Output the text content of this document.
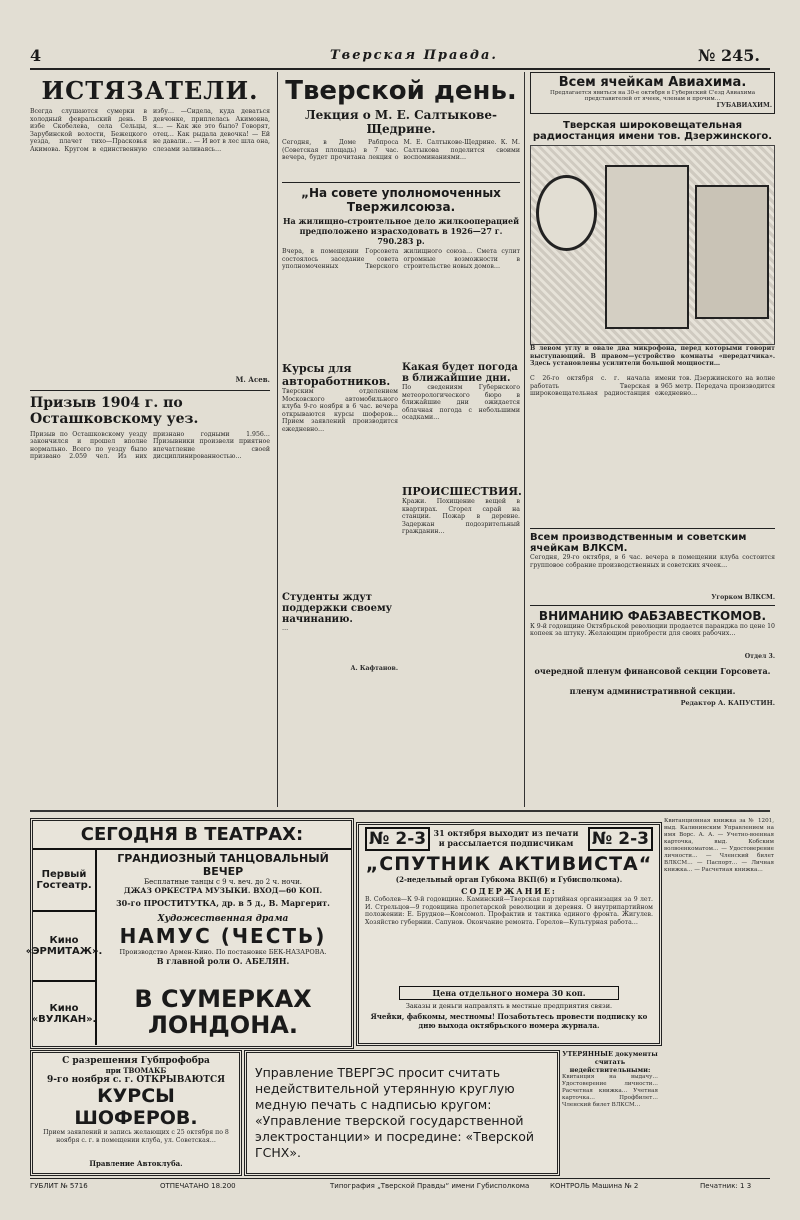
4	Тверская Правда.	№ 245.
ИСТЯЗАТЕЛИ.
Всегда слушаются сумерки в холодный февральский день. В избе Скобелева, села Сельцы, Зарубинской волости, Бежецкого уезда, плачет тихо—Прасковья Акимова. Кругом в единственную избу… —Сидела, куда деваться девчонке, приплелась Акимовна, я… — Как же это было? Говорят, отец… Как рыдала девочка! — Ей не давали… — И вот в лес шла она, слезами заливаясь…
М. Асев.
Призыв 1904 г. по Осташковскому уез.
Призыв по Осташковскому уезду закончился и прошел вполне нормально. Всего по уезду было призвано 2.059 чел. Из них признано годными 1.956… Призывники произвели приятное впечатление своей дисциплинированностью…
Тверской день.
Лекция о М. Е. Салтыкове-Щедрине.
Сегодня, в Доме Рабпроса (Советская площадь) в 7 час. вечера, будет прочитана лекция о М. Е. Салтыкове-Щедрине. К. М. Салтыкова поделится своими воспоминаниями…
„На совете уполномоченных Твержилсоюза.
На жилищно-строительное дело жилкооперацией предположено израсходовать в 1926—27 г. 790.283 р.
Вчера, в помещении Горсовета состоялось заседание совета уполномоченных Тверского жилищного союза… Смета сулит огромные возможности в строительстве новых домов…
Курсы для автоработников.
Тверским отделением Московского автомобильного клуба 9-го ноября в 6 час. вечера открываются курсы шоферов… Прием заявлений производится ежедневно…
Студенты ждут поддержки своему начинанию.
…
А. Кафтанов.
Какая будет погода в ближайшие дни.
По сведениям Губернского метеорологического бюро в ближайшие дни ожидается облачная погода с небольшими осадками…
ПРОИСШЕСТВИЯ.
Кражи. Похищение вещей в квартирах. Сгорел сарай на станции. Пожар в деревне. Задержан подозрительный гражданин…
Всем ячейкам Авиахима.
Предлагается явиться на 30-е октября в Губернский С'езд Авиахима представителей от ячеек, членам и прочим…
ГУБАВИАХИМ.
Тверская широковещательная радиостанция имени тов. Дзержинского.
В левом углу в овале два микрофона, перед которыми говорит выступающий. В правом—устройство комнаты «передатчика». Здесь установлены усилители большой мощности…
С 26-го октября с. г. начала работать Тверская широковещательная радиостанция имени тов. Дзержинского на волне в 965 метр. Передача производится ежедневно…
Всем производственным и советским ячейкам ВЛКСМ.
Сегодня, 29-го октября, в 6 час. вечера в помещении клуба состоится групповое собрание производственных и советских ячеек…
Угорком ВЛКСМ.
ВНИМАНИЮ ФАБЗАВЕСТКОМОВ.
К 9-й годовщине Октябрьской революции продается паранджа по цене 10 копеек за штуку. Желающим приобрести для своих рабочих…
Отдел 3.
очередной пленум финансовой секции Горсовета.
пленум административной секции.
Редактор А. КАПУСТИН.
СЕГОДНЯ В ТЕАТРАХ:
Первый Гостеатр.
ГРАНДИОЗНЫЙ ТАНЦОВАЛЬНЫЙ ВЕЧЕР
Бесплатные танцы с 9 ч. веч. до 2 ч. ночи.
ДЖАЗ ОРКЕСТРА МУЗЫКИ. ВХОД—60 КОП.
30-го ПРОСТИТУТКА, др. в 5 д., В. Маргерит.
Кино «ЭРМИТАЖ».
Художественная драма
НАМУС (ЧЕСТЬ)
Производство Армен-Кино. По постановке БЕК-НАЗАРОВА.
В главной роли О. АБЕЛЯН.
Кино «ВУЛКАН».
В СУМЕРКАХ ЛОНДОНА.
№ 2-3 31 октября выходит из печати и рассылается подписчикам	№ 2-3
„СПУТНИК АКТИВИСТА“
(2-недельный орган Губкома ВКП(б) и Губисполкома).
СОДЕРЖАНИЕ:
В. Соболев—К 9-й годовщине. Каминский—Тверская партийная организация за 9 лет. И. Стрельцов—9 годовщина пролетарской революции и деревня. О внутрипартийном положении: Е. Бруднов—Комсомол. Профактив и тактика единого фронта. Жигулев. Хозяйство губернии. Сапунов. Окончание ремонта. Горелов—Культурная работа…
Цена отдельного номера 30 коп.
Заказы и деньги направлять в местные предприятия связи.
Ячейки, фабкомы, местномы! Позаботьтесь провести подписку ко дню выхода октябрьского номера журнала.
Квитанционная книжка за № 1201, выд. Калининским Управлением на имя Ворс. А. А. — Учетно-военная карточка, выд. Кобским волвоенкоматом… — Удостоверение личности… — Членский билет ВЛКСМ… — Паспорт… — Личная книжка… — Расчетная книжка…
С разрешения Губпрофобра
при ТВОМАКБ
9-го ноября с. г. ОТКРЫВАЮТСЯ
КУРСЫ ШОФЕРОВ.
Прием заявлений и запись желающих с 25 октября по 8 ноября с. г. в помещении клуба, ул. Советская…
Правление Автоклуба.
Управление ТВЕРГЭС просит считать недействительной утерянную круглую медную печать с надписью кругом: «Управление тверской государственной электростанции» и посредине: «Тверской ГСНХ».
УТЕРЯННЫЕ документы считать недействительными:
Квитанция на выдачу… Удостоверение личности… Расчетная книжка… Учетная карточка… Профбилет… Членский билет ВЛКСМ…
ГУБЛИТ № 5716	ОТПЕЧАТАНО 18.200	Типография „Тверской Правды“ имени Губисполкома	КОНТРОЛЬ Машина № 2	Печатник: 1 3
